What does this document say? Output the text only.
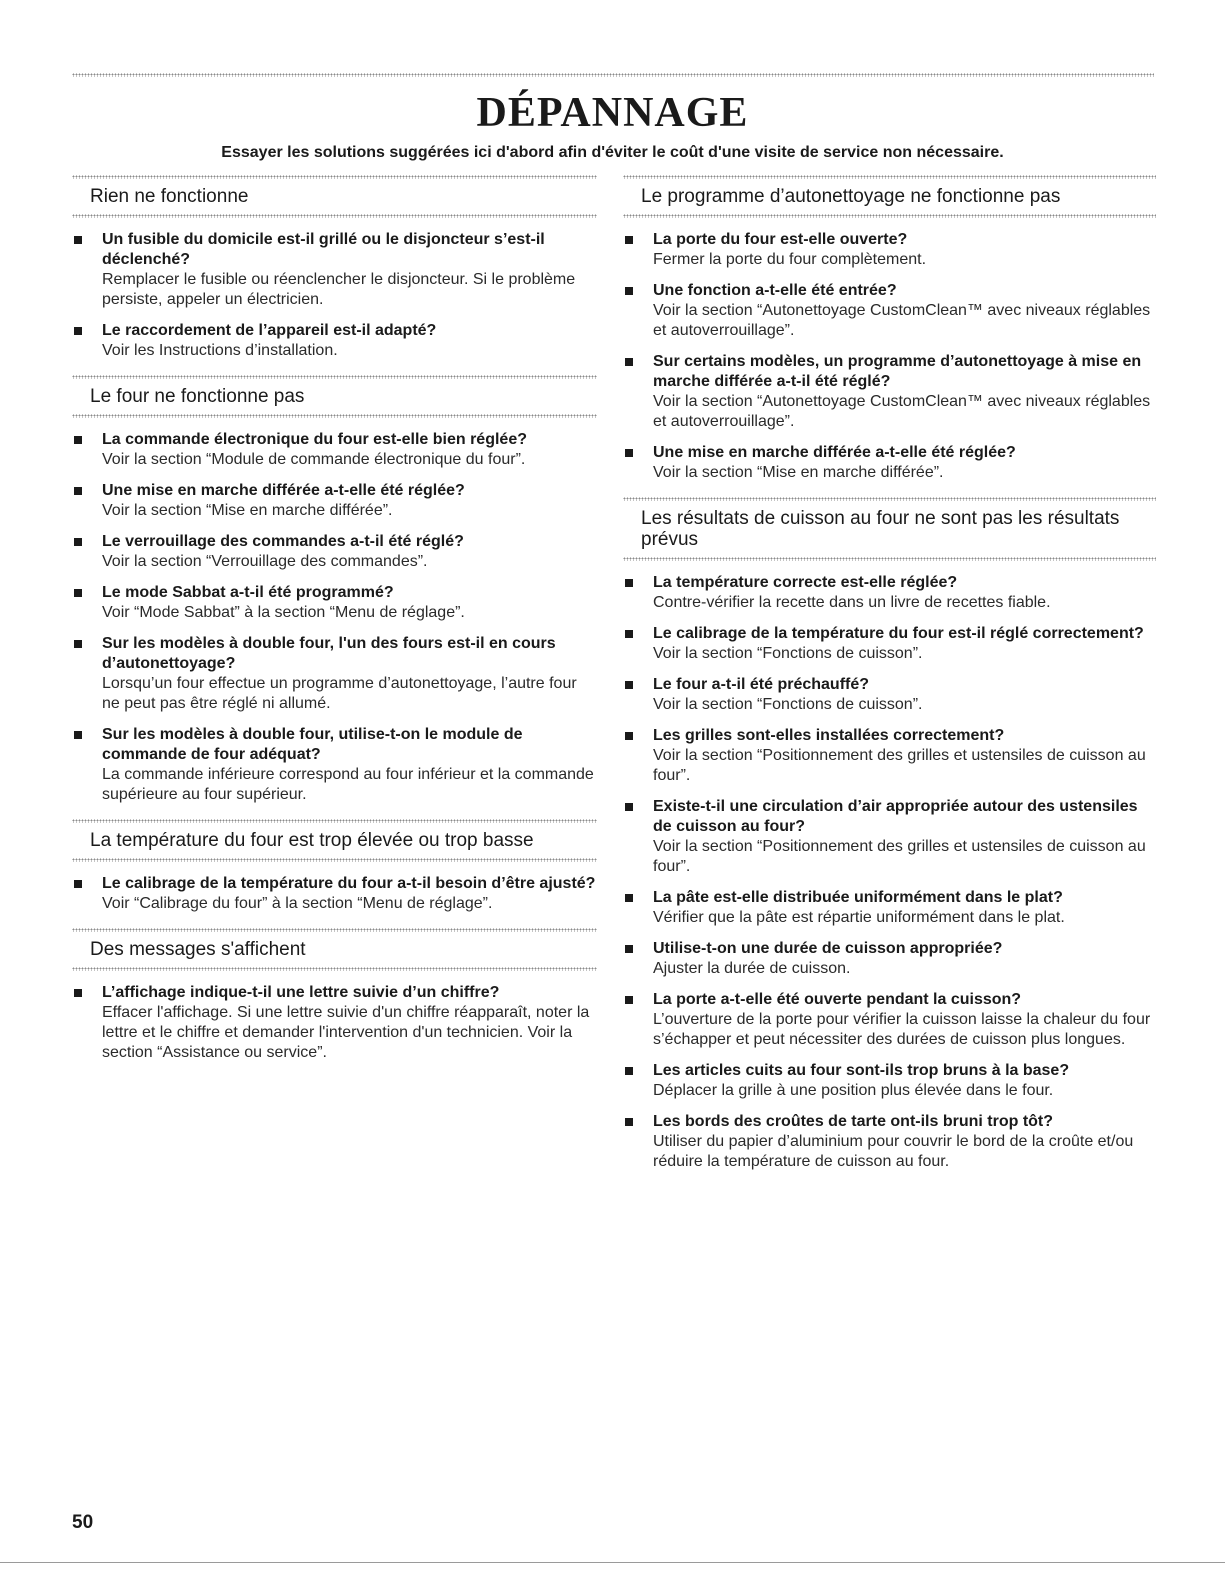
DÉPANNAGE
Essayer les solutions suggérées ici d'abord afin d'éviter le coût d'une visite de service non nécessaire.
Rien ne fonctionne
Un fusible du domicile est-il grillé ou le disjoncteur s’est-il déclenché?
Remplacer le fusible ou réenclencher le disjoncteur. Si le problème persiste, appeler un électricien.
Le raccordement de l’appareil est-il adapté?
Voir les Instructions d’installation.
Le four ne fonctionne pas
La commande électronique du four est-elle bien réglée?
Voir la section “Module de commande électronique du four”.
Une mise en marche différée a-t-elle été réglée?
Voir la section “Mise en marche différée”.
Le verrouillage des commandes a-t-il été réglé?
Voir la section “Verrouillage des commandes”.
Le mode Sabbat a-t-il été programmé?
Voir “Mode Sabbat” à la section “Menu de réglage”.
Sur les modèles à double four, l'un des fours est-il en cours d’autonettoyage?
Lorsqu’un four effectue un programme d’autonettoyage, l’autre four ne peut pas être réglé ni allumé.
Sur les modèles à double four, utilise-t-on le module de commande de four adéquat?
La commande inférieure correspond au four inférieur et la commande supérieure au four supérieur.
La température du four est trop élevée ou trop basse
Le calibrage de la température du four a-t-il besoin d’être ajusté?
Voir “Calibrage du four” à la section “Menu de réglage”.
Des messages s'affichent
L’affichage indique-t-il une lettre suivie d’un chiffre?
Effacer l'affichage. Si une lettre suivie d'un chiffre réapparaît, noter la lettre et le chiffre et demander l'intervention d'un technicien. Voir la section “Assistance ou service”.
Le programme d’autonettoyage ne fonctionne pas
La porte du four est-elle ouverte?
Fermer la porte du four complètement.
Une fonction a-t-elle été entrée?
Voir la section “Autonettoyage CustomClean™ avec niveaux réglables et autoverrouillage”.
Sur certains modèles, un programme d’autonettoyage à mise en marche différée a-t-il été réglé?
Voir la section “Autonettoyage CustomClean™ avec niveaux réglables et autoverrouillage”.
Une mise en marche différée a-t-elle été réglée?
Voir la section “Mise en marche différée”.
Les résultats de cuisson au four ne sont pas les résultats prévus
La température correcte est-elle réglée?
Contre-vérifier la recette dans un livre de recettes fiable.
Le calibrage de la température du four est-il réglé correctement?
Voir la section “Fonctions de cuisson”.
Le four a-t-il été préchauffé?
Voir la section “Fonctions de cuisson”.
Les grilles sont-elles installées correctement?
Voir la section “Positionnement des grilles et ustensiles de cuisson au four”.
Existe-t-il une circulation d’air appropriée autour des ustensiles de cuisson au four?
Voir la section “Positionnement des grilles et ustensiles de cuisson au four”.
La pâte est-elle distribuée uniformément dans le plat?
Vérifier que la pâte est répartie uniformément dans le plat.
Utilise-t-on une durée de cuisson appropriée?
Ajuster la durée de cuisson.
La porte a-t-elle été ouverte pendant la cuisson?
L’ouverture de la porte pour vérifier la cuisson laisse la chaleur du four s’échapper et peut nécessiter des durées de cuisson plus longues.
Les articles cuits au four sont-ils trop bruns à la base?
Déplacer la grille à une position plus élevée dans le four.
Les bords des croûtes de tarte ont-ils bruni trop tôt?
Utiliser du papier d’aluminium pour couvrir le bord de la croûte et/ou réduire la température de cuisson au four.
50
